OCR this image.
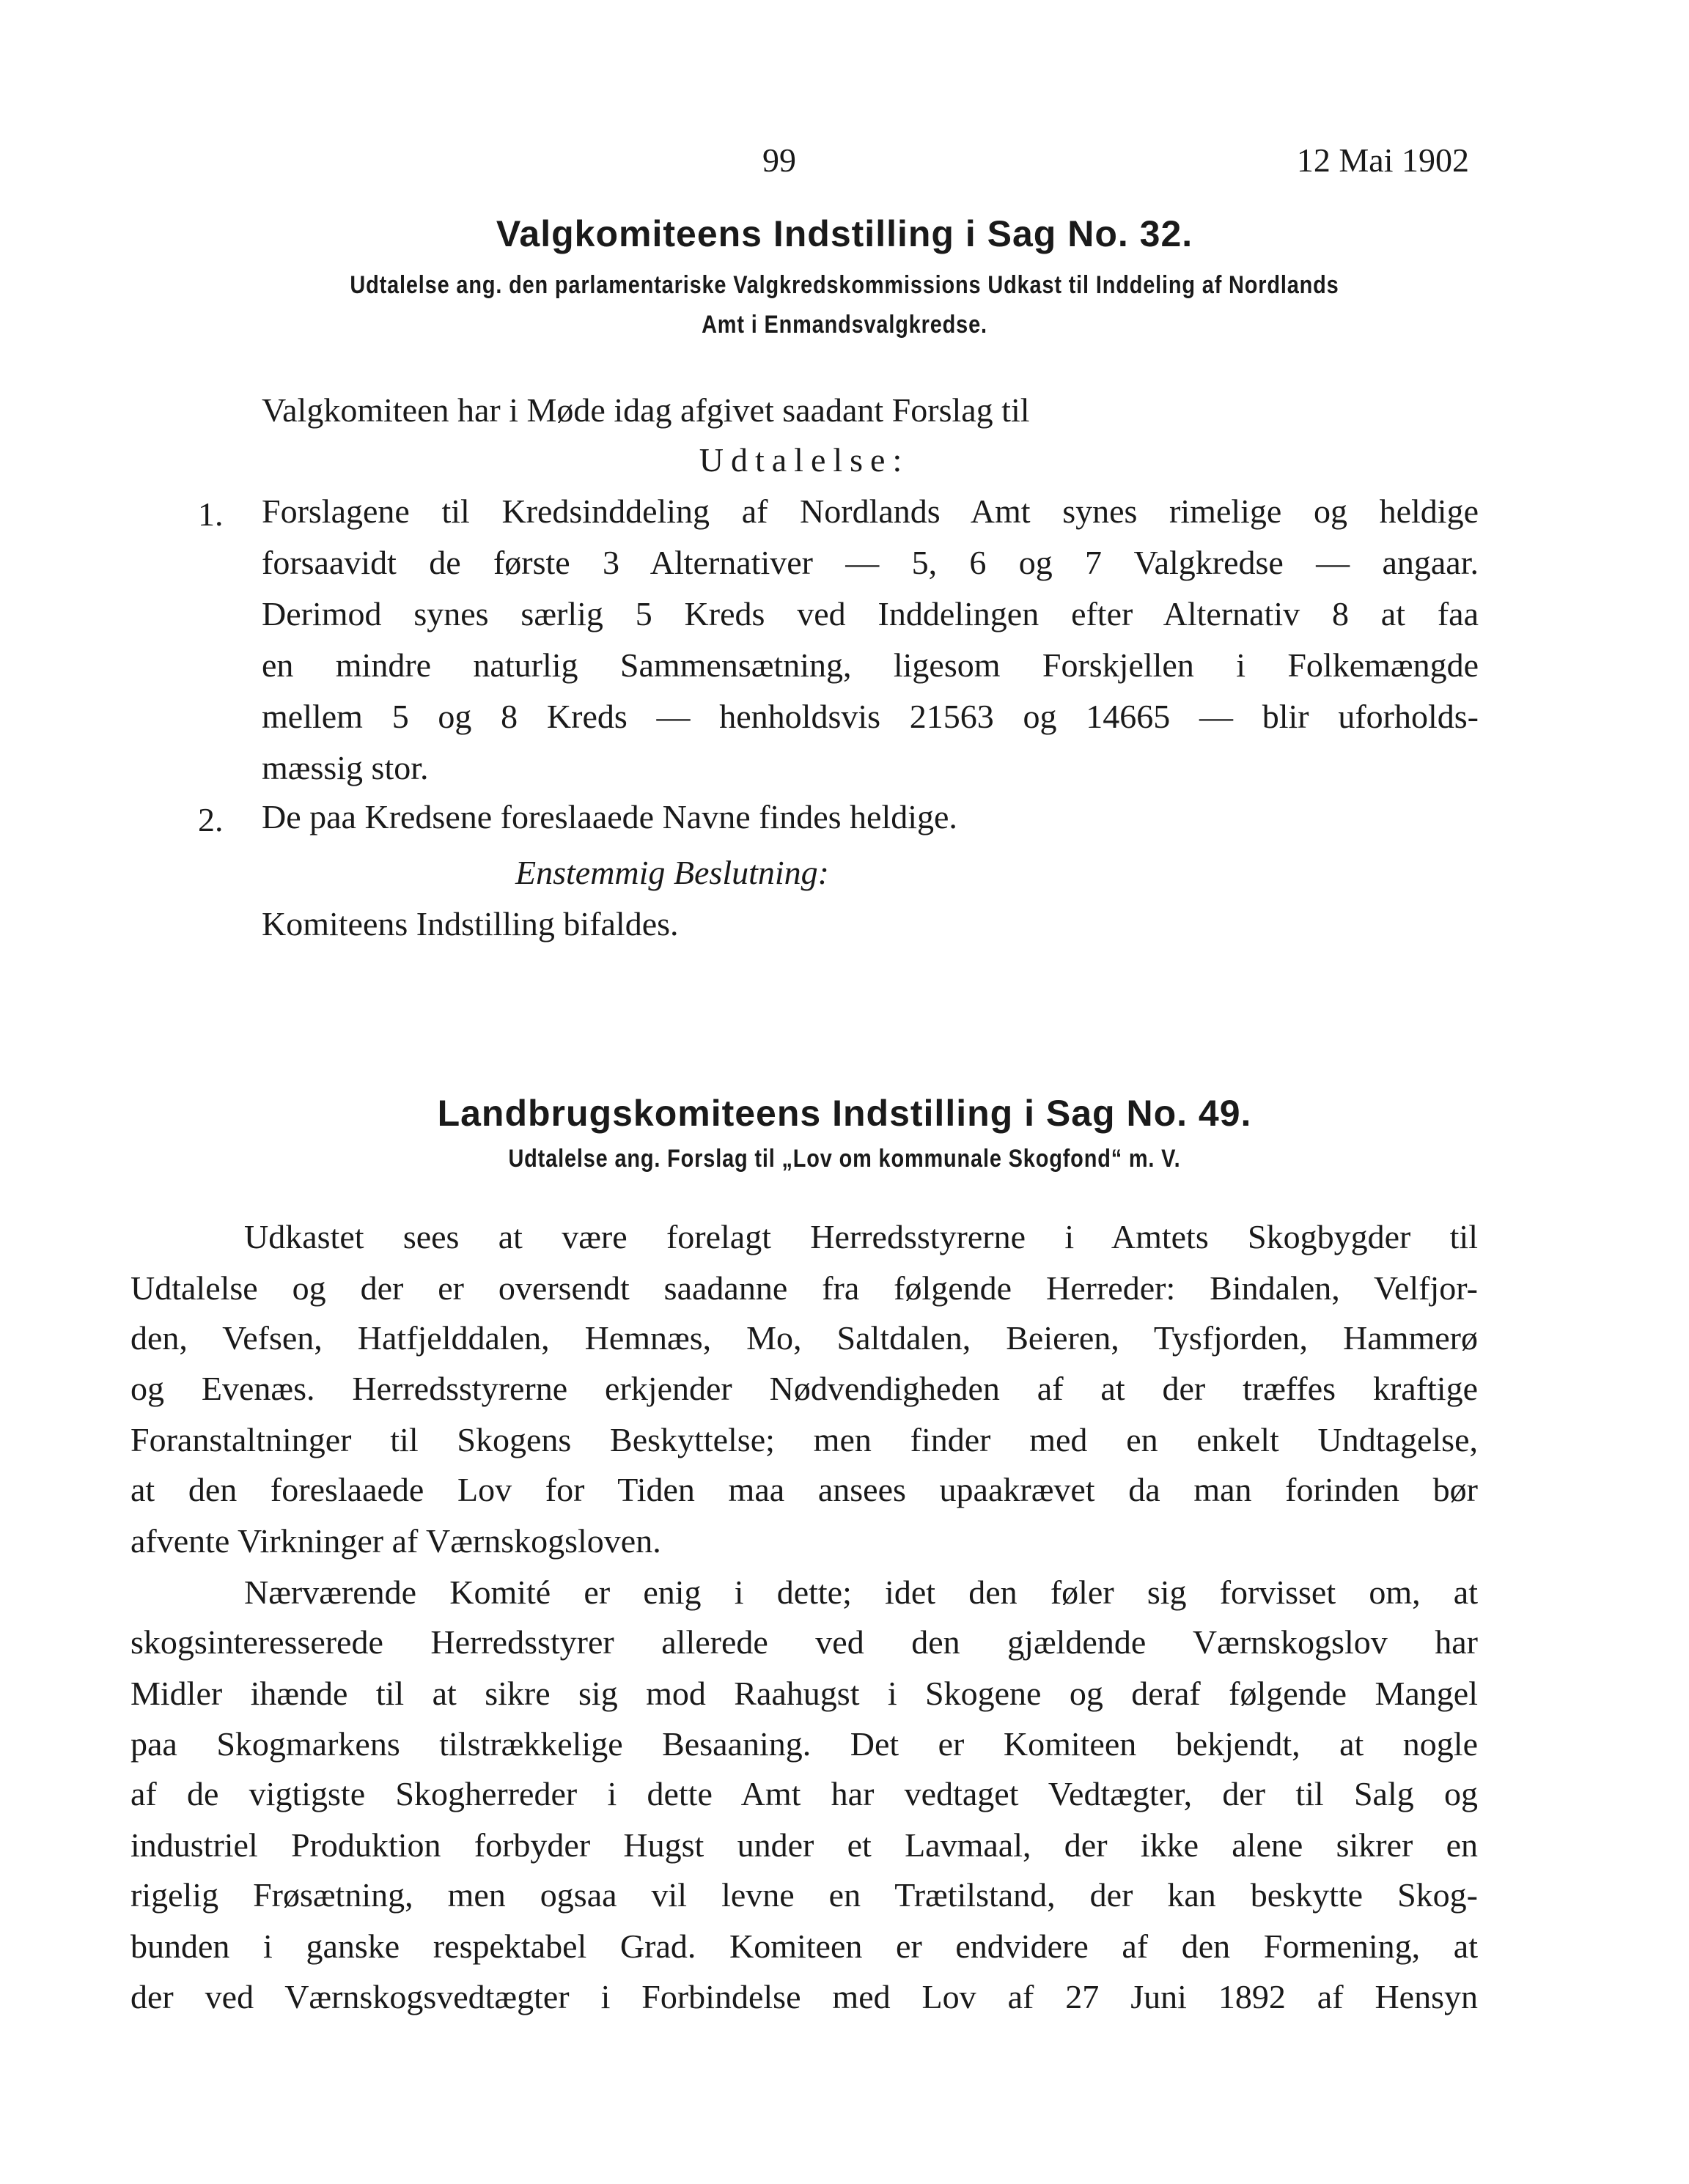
99	12 Mai 1902
Valgkomiteens Indstilling i Sag No. 32.
Udtalelse ang. den parlamentariske Valgkredskommissions Udkast til Inddeling af Nordlands
Amt i Enmandsvalgkredse.
Valgkomiteen har i Møde idag afgivet saadant Forslag til
Udtalelse:
1. Forslagene til Kredsinddeling af Nordlands Amt synes rimelige og heldige
forsaavidt de første 3 Alternativer — 5, 6 og 7 Valgkredse — angaar.
Derimod synes særlig 5 Kreds ved Inddelingen efter Alternativ 8 at faa
en mindre naturlig Sammensætning, ligesom Forskjellen i Folkemængde
mellem 5 og 8 Kreds — henholdsvis 21563 og 14665 — blir uforholds-
mæssig stor.
2. De paa Kredsene foreslaaede Navne findes heldige.
Enstemmig Beslutning:
Komiteens Indstilling bifaldes.
Landbrugskomiteens Indstilling i Sag No. 49.
Udtalelse ang. Forslag til „Lov om kommunale Skogfond“ m. V.
Udkastet sees at være forelagt Herredsstyrerne i Amtets Skogbygder til
Udtalelse og der er oversendt saadanne fra følgende Herreder: Bindalen, Velfjor-
den, Vefsen, Hatfjelddalen, Hemnæs, Mo, Saltdalen, Beieren, Tysfjorden, Hammerø
og Evenæs. Herredsstyrerne erkjender Nødvendigheden af at der træffes kraftige
Foranstaltninger til Skogens Beskyttelse; men finder med en enkelt Undtagelse,
at den foreslaaede Lov for Tiden maa ansees upaakrævet da man forinden bør
afvente Virkninger af Værnskogsloven.
Nærværende Komité er enig i dette; idet den føler sig forvisset om, at
skogsinteresserede Herredsstyrer allerede ved den gjældende Værnskogslov har
Midler ihænde til at sikre sig mod Raahugst i Skogene og deraf følgende Mangel
paa Skogmarkens tilstrækkelige Besaaning. Det er Komiteen bekjendt, at nogle
af de vigtigste Skogherreder i dette Amt har vedtaget Vedtægter, der til Salg og
industriel Produktion forbyder Hugst under et Lavmaal, der ikke alene sikrer en
rigelig Frøsætning, men ogsaa vil levne en Trætilstand, der kan beskytte Skog-
bunden i ganske respektabel Grad. Komiteen er endvidere af den Formening, at
der ved Værnskogsvedtægter i Forbindelse med Lov af 27 Juni 1892 af Hensyn
